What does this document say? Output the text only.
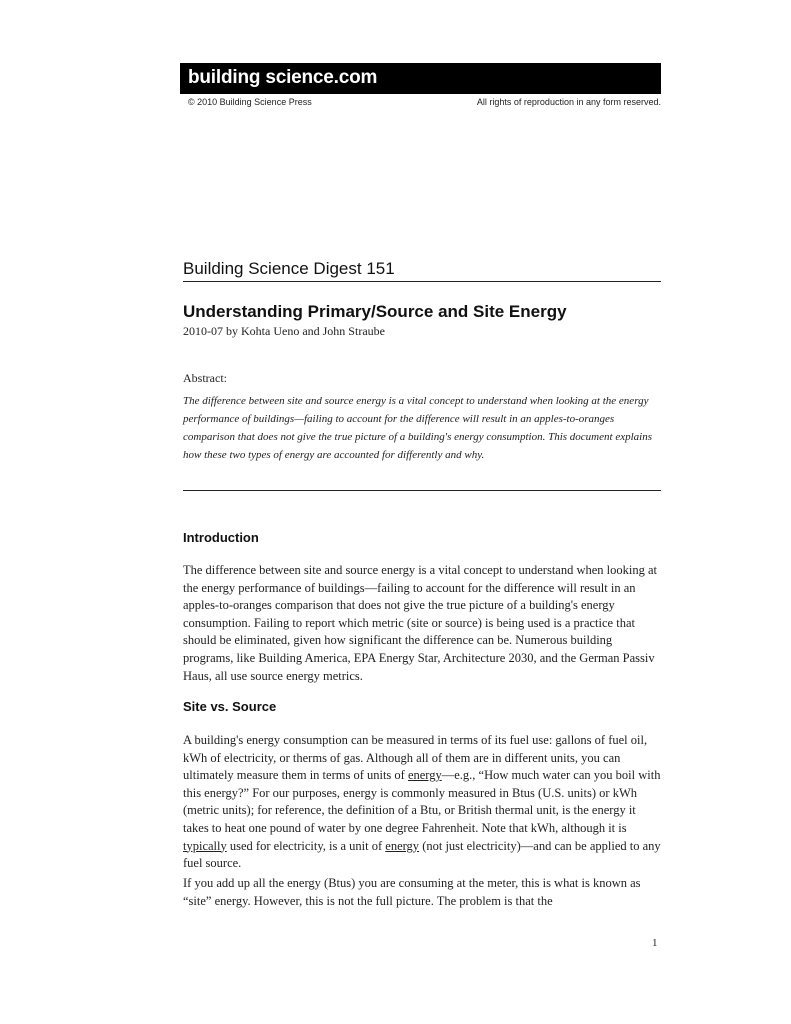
building science.com
© 2010 Building Science Press	All rights of reproduction in any form reserved.
Building Science Digest 151
Understanding Primary/Source and Site Energy
2010-07 by Kohta Ueno and John Straube
Abstract:
The difference between site and source energy is a vital concept to understand when looking at the energy performance of buildings—failing to account for the difference will result in an apples-to-oranges comparison that does not give the true picture of a building's energy consumption. This document explains how these two types of energy are accounted for differently and why.
Introduction
The difference between site and source energy is a vital concept to understand when looking at the energy performance of buildings—failing to account for the difference will result in an apples-to-oranges comparison that does not give the true picture of a building's energy consumption. Failing to report which metric (site or source) is being used is a practice that should be eliminated, given how significant the difference can be. Numerous building programs, like Building America, EPA Energy Star, Architecture 2030, and the German Passiv Haus, all use source energy metrics.
Site vs. Source
A building's energy consumption can be measured in terms of its fuel use: gallons of fuel oil, kWh of electricity, or therms of gas. Although all of them are in different units, you can ultimately measure them in terms of units of energy—e.g., “How much water can you boil with this energy?” For our purposes, energy is commonly measured in Btus (U.S. units) or kWh (metric units); for reference, the definition of a Btu, or British thermal unit, is the energy it takes to heat one pound of water by one degree Fahrenheit. Note that kWh, although it is typically used for electricity, is a unit of energy (not just electricity)—and can be applied to any fuel source.
If you add up all the energy (Btus) you are consuming at the meter, this is what is known as “site” energy. However, this is not the full picture. The problem is that the
1
